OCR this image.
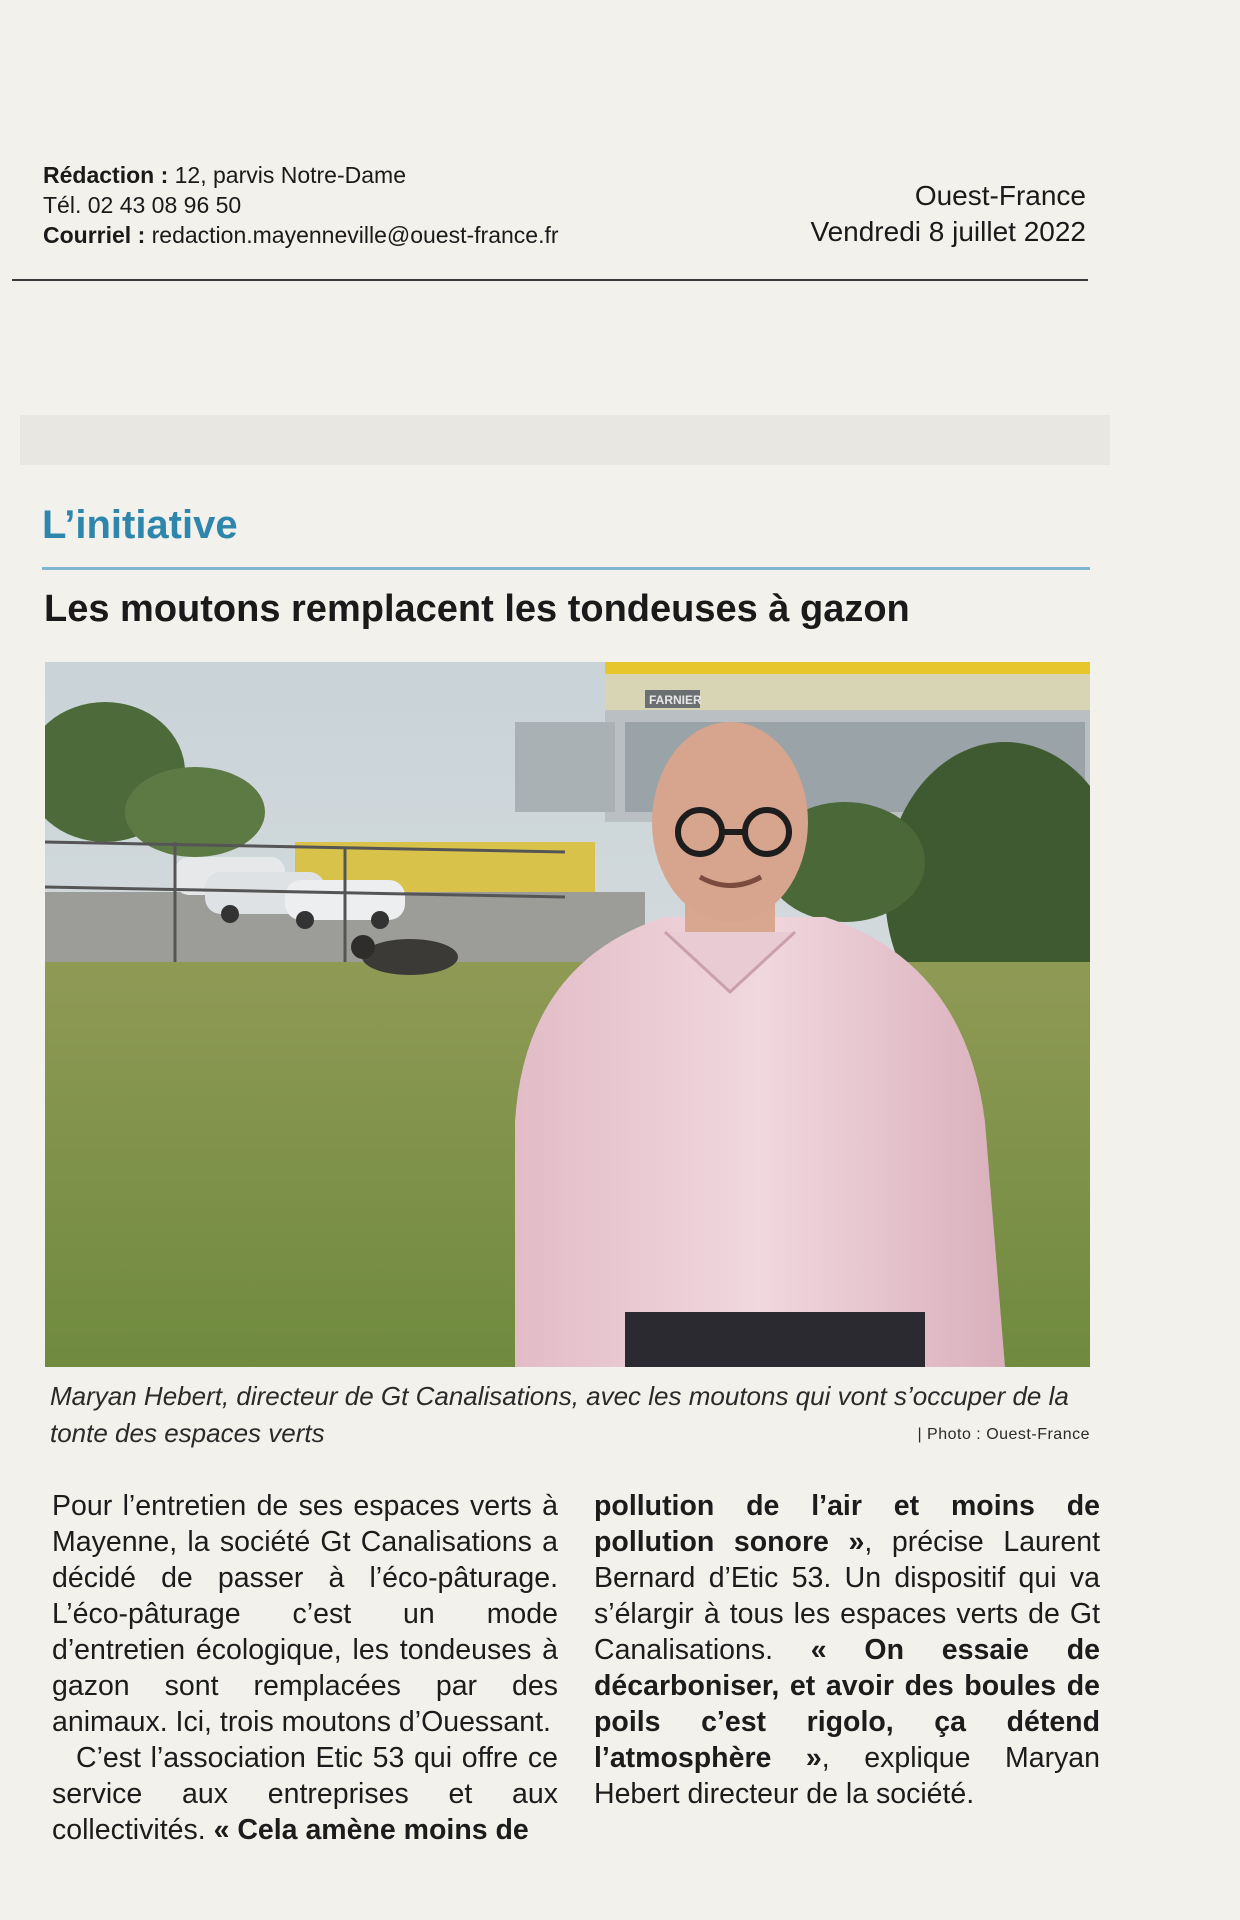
Rédaction : 12, parvis Notre-Dame
Tél. 02 43 08 96 50
Courriel : redaction.mayenneville@ouest-france.fr
Ouest-France
Vendredi 8 juillet 2022
L’initiative
Les moutons remplacent les tondeuses à gazon
FARNIER
Maryan Hebert, directeur de Gt Canalisations, avec les moutons qui vont s’occuper de la tonte des espaces verts	| Photo : Ouest-France

Pour l’entretien de ses espaces verts à Mayenne, la société Gt Canalisations a décidé de passer à l’éco-pâturage. L’éco-pâturage c’est un mode d’entretien écologique, les tondeuses à gazon sont remplacées par des animaux. Ici, trois moutons d’Ouessant.

C’est l’association Etic 53 qui offre ce service aux entreprises et aux collectivités. « Cela amène moins de

pollution de l’air et moins de pollution sonore », précise Laurent Bernard d’Etic 53. Un dispositif qui va s’élargir à tous les espaces verts de Gt Canalisations. « On essaie de décarboniser, et avoir des boules de poils c’est rigolo, ça détend l’atmosphère », explique Maryan Hebert directeur de la société.
